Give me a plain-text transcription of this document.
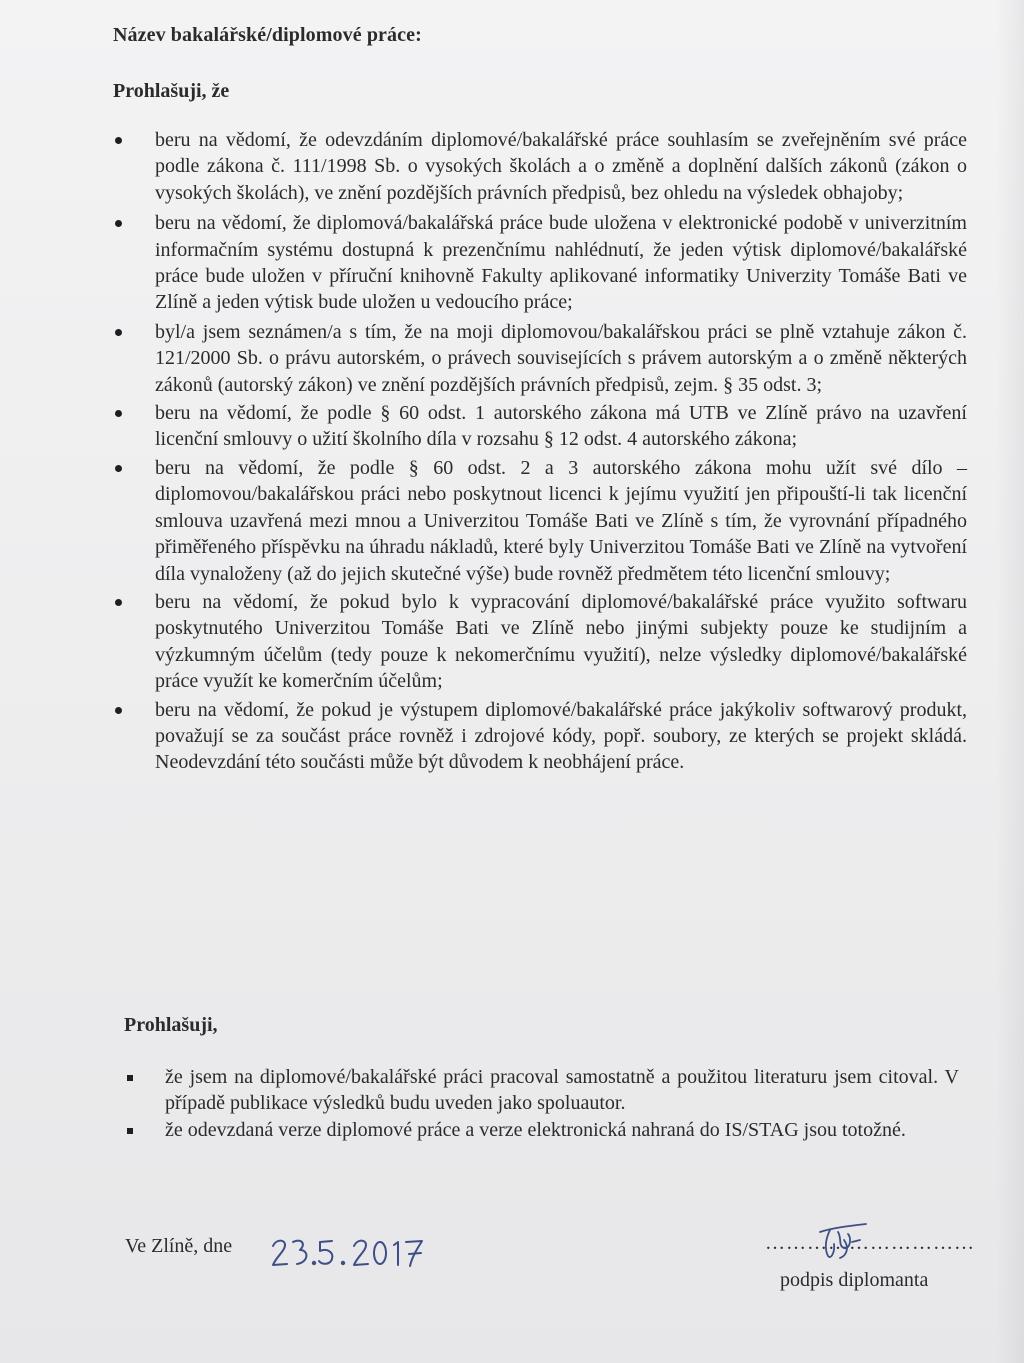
Název bakalářské/diplomové práce:

Prohlašuji, že

beru na vědomí, že odevzdáním diplomové/bakalářské práce souhlasím se zveřejněním své práce podle zákona č. 111/1998 Sb. o vysokých školách a o změně a doplnění dalších zákonů (zákon o vysokých školách), ve znění pozdějších právních předpisů, bez ohledu na výsledek obhajoby;
beru na vědomí, že diplomová/bakalářská práce bude uložena v elektronické podobě v univerzitním informačním systému dostupná k prezenčnímu nahlédnutí, že jeden výtisk diplomové/bakalářské práce bude uložen v příruční knihovně Fakulty aplikované informatiky Univerzity Tomáše Bati ve Zlíně a jeden výtisk bude uložen u vedoucího práce;
byl/a jsem seznámen/a s tím, že na moji diplomovou/bakalářskou práci se plně vztahuje zákon č. 121/2000 Sb. o právu autorském, o právech souvisejících s právem autorským a o změně některých zákonů (autorský zákon) ve znění pozdějších právních předpisů, zejm. § 35 odst. 3;
beru na vědomí, že podle § 60 odst. 1 autorského zákona má UTB ve Zlíně právo na uzavření licenční smlouvy o užití školního díla v rozsahu § 12 odst. 4 autorského zákona;
beru na vědomí, že podle § 60 odst. 2 a 3 autorského zákona mohu užít své dílo – diplomovou/bakalářskou práci nebo poskytnout licenci k jejímu využití jen připouští-li tak licenční smlouva uzavřená mezi mnou a Univerzitou Tomáše Bati ve Zlíně s tím, že vyrovnání případného přiměřeného příspěvku na úhradu nákladů, které byly Univerzitou Tomáše Bati ve Zlíně na vytvoření díla vynaloženy (až do jejich skutečné výše) bude rovněž předmětem této licenční smlouvy;
beru na vědomí, že pokud bylo k vypracování diplomové/bakalářské práce využito softwaru poskytnutého Univerzitou Tomáše Bati ve Zlíně nebo jinými subjekty pouze ke studijním a výzkumným účelům (tedy pouze k nekomerčnímu využití), nelze výsledky diplomové/bakalářské práce využít ke komerčním účelům;
beru na vědomí, že pokud je výstupem diplomové/bakalářské práce jakýkoliv softwarový produkt, považují se za součást práce rovněž i zdrojové kódy, popř. soubory, ze kterých se projekt skládá. Neodevzdání této součásti může být důvodem k neobhájení práce.

Prohlašuji,

že jsem na diplomové/bakalářské práci pracoval samostatně a použitou literaturu jsem citoval. V případě publikace výsledků budu uveden jako spoluautor.
že odevzdaná verze diplomové práce a verze elektronická nahraná do IS/STAG jsou totožné.

Ve Zlíně, dne	…………………………

podpis diplomanta
